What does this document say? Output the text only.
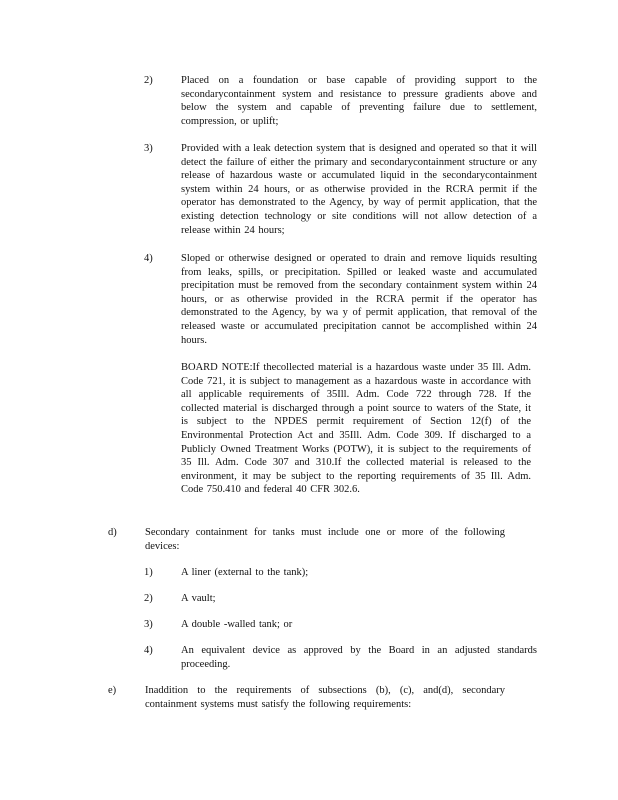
2)	Placed on a foundation or base capable of providing support to the secondarycontainment system and resistance to pressure gradients above and below the system and capable of preventing failure due to settlement, compression, or uplift;
3)	Provided with a leak detection system that is designed and operated so that it will detect the failure of either the primary and secondarycontainment structure or any release of hazardous waste or accumulated liquid in the secondarycontainment system within 24 hours, or as otherwise provided in the RCRA permit if the operator has demonstrated to the Agency, by way of permit application, that the existing detection technology or site conditions will not allow detection of a release within 24 hours;
4)	Sloped or otherwise designed or operated to drain and remove liquids resulting from leaks, spills, or precipitation. Spilled or leaked waste and accumulated precipitation must be removed from the secondary containment system within 24 hours, or as otherwise provided in the RCRA permit if the operator has demonstrated to the Agency, by wa y of permit application, that removal of the released waste or accumulated precipitation cannot be accomplished within 24 hours.
BOARD NOTE:If thecollected material is a hazardous waste under 35 Ill. Adm. Code 721, it is subject to management as a hazardous waste in accordance with all applicable requirements of 35Ill. Adm. Code 722 through 728. If the collected material is discharged through a point source to waters of the State, it is subject to the NPDES permit requirement of Section 12(f) of the Environmental Protection Act and 35Ill. Adm. Code 309. If discharged to a Publicly Owned Treatment Works (POTW), it is subject to the requirements of 35 Ill. Adm. Code 307 and 310.If the collected material is released to the environment, it may be subject to the reporting requirements of 35 Ill. Adm. Code 750.410 and federal 40 CFR 302.6.
d)	Secondary containment for tanks must include one or more of the following devices:
1)	A liner (external to the tank);
2)	A vault;
3)	A double -walled tank; or
4)	An equivalent device as approved by the Board in an adjusted standards proceeding.
e)	Inaddition to the requirements of subsections (b), (c), and(d), secondary containment systems must satisfy the following requirements:
